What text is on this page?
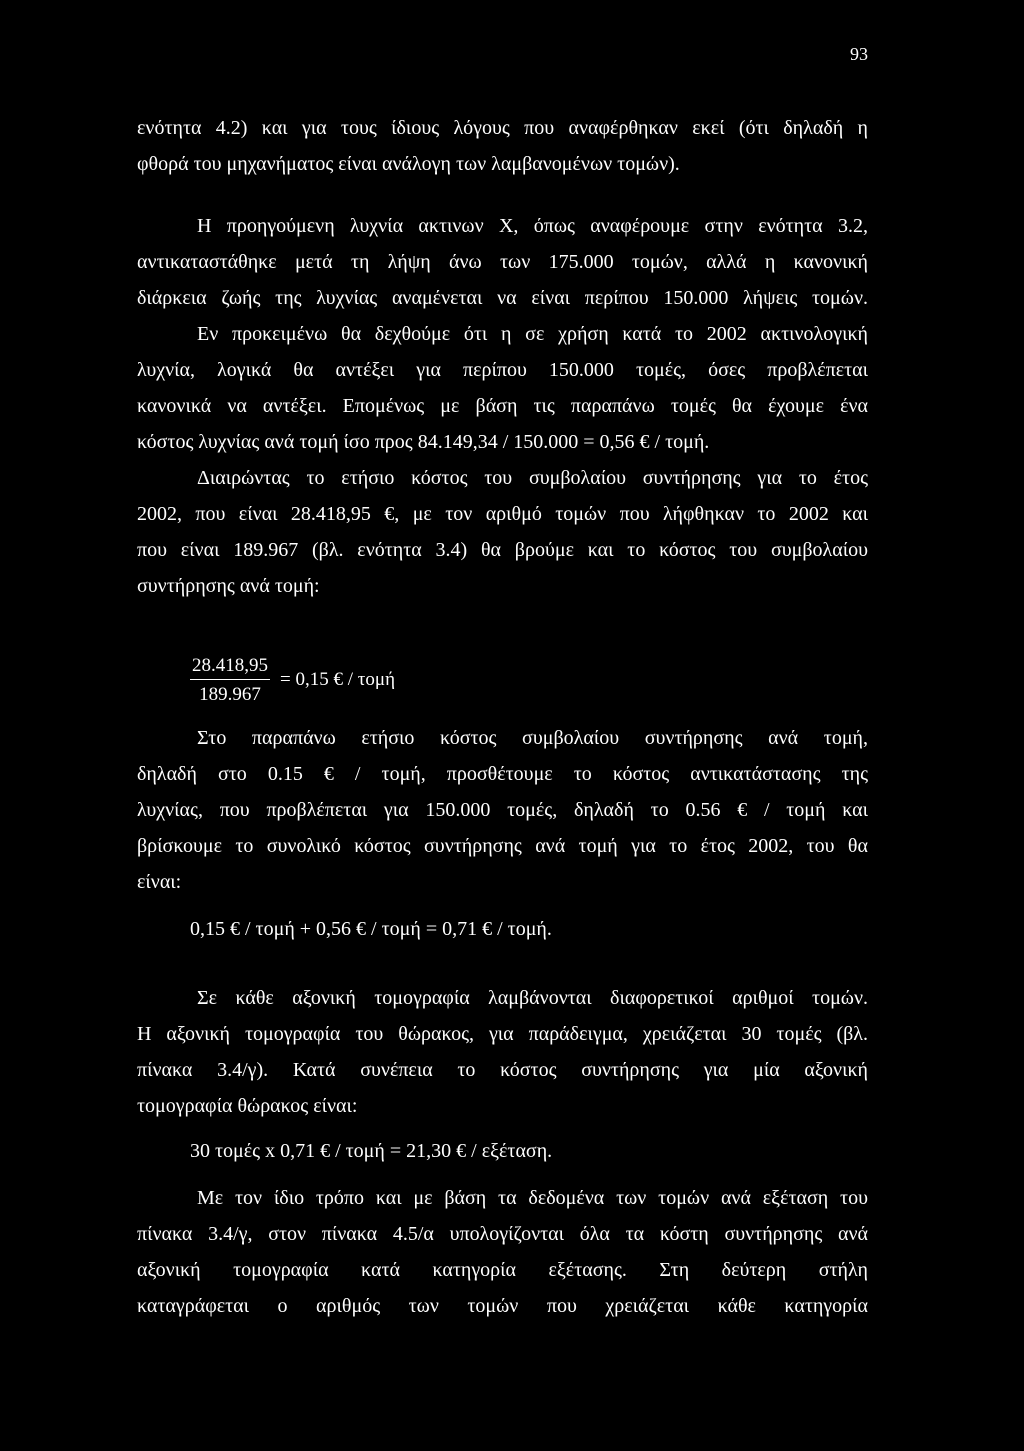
93
ενότητα 4.2) και για τους ίδιους λόγους που αναφέρθηκαν εκεί (ότι δηλαδή η
φθορά του μηχανήματος είναι ανάλογη των λαμβανομένων τομών).
Η προηγούμενη λυχνία ακτινων Χ, όπως αναφέρουμε στην ενότητα 3.2,
αντικαταστάθηκε μετά τη λήψη άνω των 175.000 τομών, αλλά η κανονική
διάρκεια ζωής της λυχνίας αναμένεται να είναι περίπου 150.000 λήψεις τομών.
Εν προκειμένω θα δεχθούμε ότι η σε χρήση κατά το 2002 ακτινολογική
λυχνία, λογικά θα αντέξει για περίπου 150.000 τομές, όσες προβλέπεται
κανονικά να αντέξει. Επομένως με βάση τις παραπάνω τομές θα έχουμε ένα
κόστος λυχνίας ανά τομή ίσο προς 84.149,34 / 150.000 = 0,56 € / τομή.
Διαιρώντας το ετήσιο κόστος του συμβολαίου συντήρησης για το έτος
2002, που είναι 28.418,95 €, με τον αριθμό τομών που λήφθηκαν το 2002 και
που είναι 189.967 (βλ. ενότητα 3.4) θα βρούμε και το κόστος του συμβολαίου
συντήρησης ανά τομή:
$\frac{28.418,95}{189.967} = 0,15$ € / τομή
Στο παραπάνω ετήσιο κόστος συμβολαίου συντήρησης ανά τομή,
δηλαδή στο 0.15 € / τομή, προσθέτουμε το κόστος αντικατάστασης της
λυχνίας, που προβλέπεται για 150.000 τομές, δηλαδή το 0.56 € / τομή και
βρίσκουμε το συνολικό κόστος συντήρησης ανά τομή για το έτος 2002, του θα
είναι:
0,15 € / τομή + 0,56 € / τομή = 0,71 € / τομή.
Σε κάθε αξονική τομογραφία λαμβάνονται διαφορετικοί αριθμοί τομών.
Η αξονική τομογραφία του θώρακος, για παράδειγμα, χρειάζεται 30 τομές (βλ.
πίνακα 3.4/γ). Κατά συνέπεια το κόστος συντήρησης για μία αξονική
τομογραφία θώρακος είναι:
30 τομές x 0,71 € / τομή = 21,30 € / εξέταση.
Με τον ίδιο τρόπο και με βάση τα δεδομένα των τομών ανά εξέταση του
πίνακα 3.4/γ, στον πίνακα 4.5/α υπολογίζονται όλα τα κόστη συντήρησης ανά
αξονική τομογραφία κατά κατηγορία εξέτασης. Στη δεύτερη στήλη
καταγράφεται ο αριθμός των τομών που χρειάζεται κάθε κατηγορία
